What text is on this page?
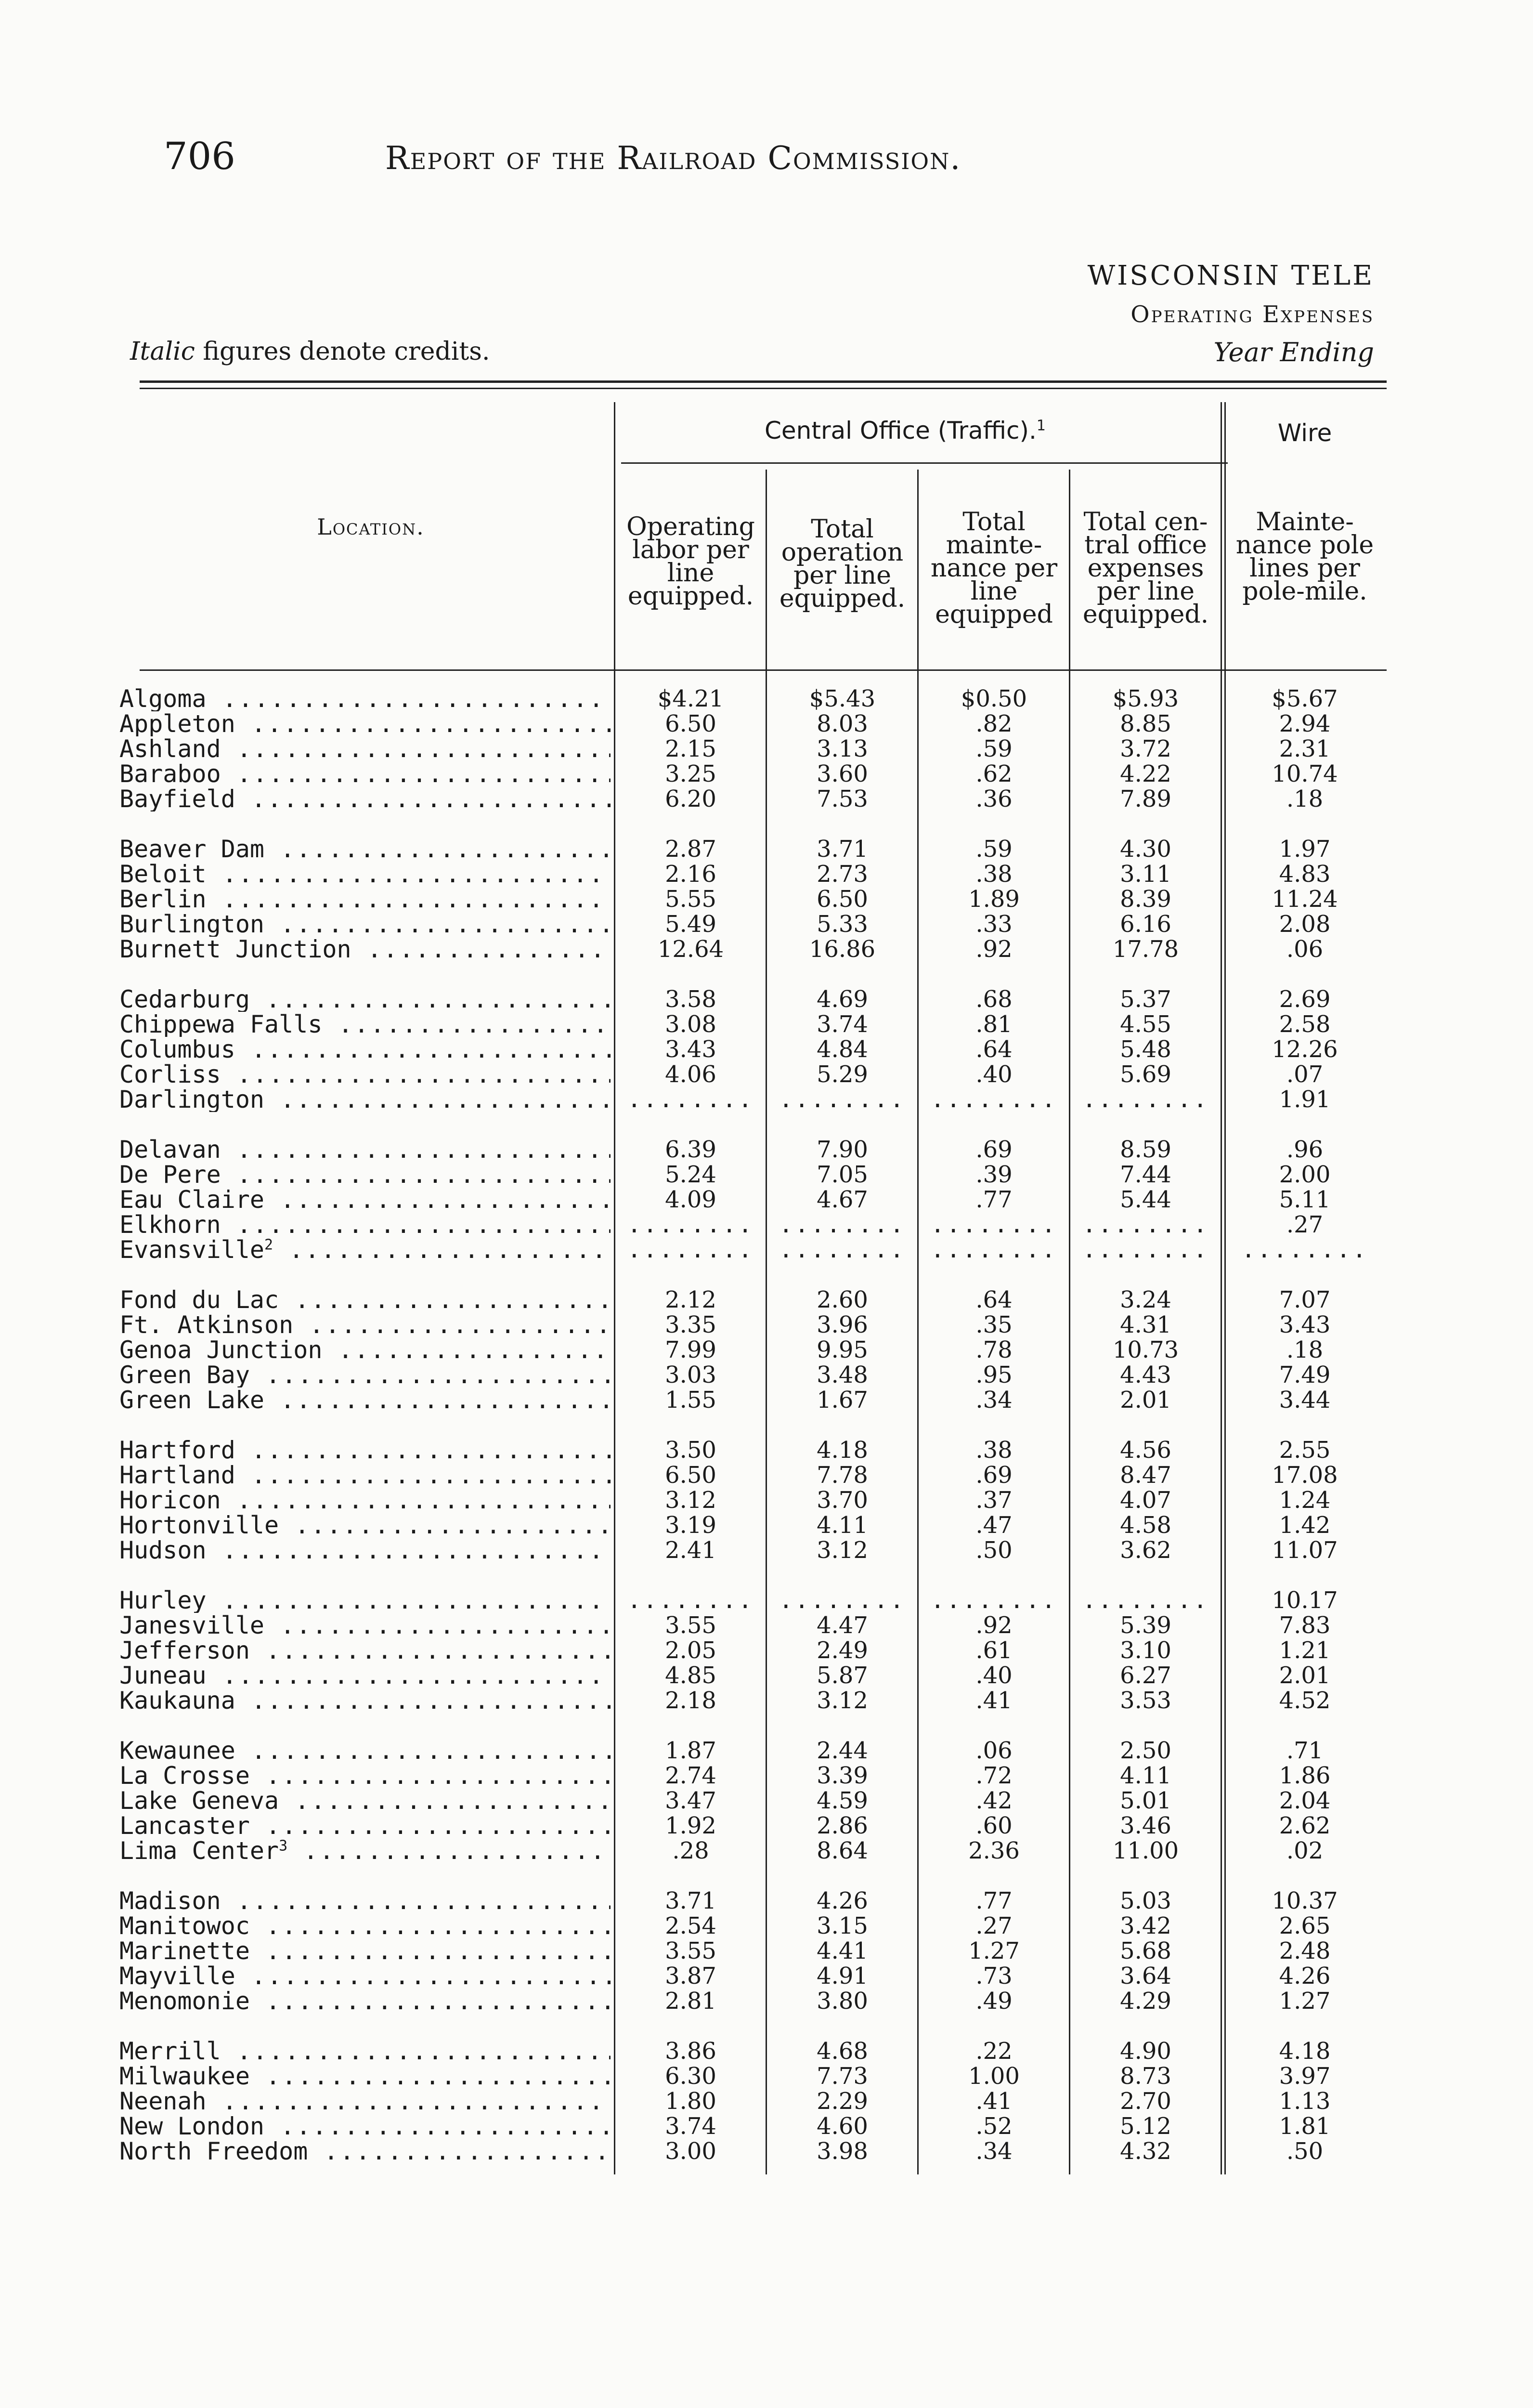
706	Report of the Railroad Commission.
WISCONSIN TELE
Operating Expenses
Year Ending
Italic figures denote credits.
Central Office (Traffic).$^1$	Wire
Location.	Operating labor per line equipped.
Total operation per line equipped.
Total mainte-nance per line equipped
Total cen-tral office expenses per line equipped.
Mainte-nance pole lines per pole-mile.
Algoma .....	$4.21	$5.43	$0.50	$5.93	$5.67
Appleton .....	6.50	8.03	.82	8.85	2.94
Ashland .....	2.15	3.13	.59	3.72	2.31
Baraboo .....	3.25	3.60	.62	4.22	10.74
Bayfield .....	6.20	7.53	.36	7.89	.18
Beaver Dam .....	2.87	3.71	.59	4.30	1.97
Beloit .....	2.16	2.73	.38	3.11	4.83
Berlin .....	5.55	6.50	1.89	8.39	11.24
Burlington .....	5.49	5.33	.33	6.16	2.08
Burnett Junction .....	12.64	16.86	.92	17.78	.06
Cedarburg .....	3.58	4.69	.68	5.37	2.69
Chippewa Falls .....	3.08	3.74	.81	4.55	2.58
Columbus .....	3.43	4.84	.64	5.48	12.26
Corliss .....	4.06	5.29	.40	5.69	.07
Darlington .....	........	........	........	........	1.91
Delavan .....	6.39	7.90	.69	8.59	.96
De Pere .....	5.24	7.05	.39	7.44	2.00
Eau Claire .....	4.09	4.67	.77	5.44	5.11
Elkhorn .....	........	........	........	........	.27
Evansville$^2$ .....	........	........	........	........	........
Fond du Lac .....	2.12	2.60	.64	3.24	7.07
Ft. Atkinson .....	3.35	3.96	.35	4.31	3.43
Genoa Junction .....	7.99	9.95	.78	10.73	.18
Green Bay .....	3.03	3.48	.95	4.43	7.49
Green Lake .....	1.55	1.67	.34	2.01	3.44
Hartford .....	3.50	4.18	.38	4.56	2.55
Hartland .....	6.50	7.78	.69	8.47	17.08
Horicon .....	3.12	3.70	.37	4.07	1.24
Hortonville .....	3.19	4.11	.47	4.58	1.42
Hudson .....	2.41	3.12	.50	3.62	11.07
Hurley .....	........	........	........	........	10.17
Janesville .....	3.55	4.47	.92	5.39	7.83
Jefferson .....	2.05	2.49	.61	3.10	1.21
Juneau .....	4.85	5.87	.40	6.27	2.01
Kaukauna .....	2.18	3.12	.41	3.53	4.52
Kewaunee .....	1.87	2.44	.06	2.50	.71
La Crosse .....	2.74	3.39	.72	4.11	1.86
Lake Geneva .....	3.47	4.59	.42	5.01	2.04
Lancaster .....	1.92	2.86	.60	3.46	2.62
Lima Center$^3$ .....	.28	8.64	2.36	11.00	.02
Madison .....	3.71	4.26	.77	5.03	10.37
Manitowoc .....	2.54	3.15	.27	3.42	2.65
Marinette .....	3.55	4.41	1.27	5.68	2.48
Mayville .....	3.87	4.91	.73	3.64	4.26
Menomonie .....	2.81	3.80	.49	4.29	1.27
Merrill .....	3.86	4.68	.22	4.90	4.18
Milwaukee .....	6.30	7.73	1.00	8.73	3.97
Neenah .....	1.80	2.29	.41	2.70	1.13
New London .....	3.74	4.60	.52	5.12	1.81
North Freedom .....	3.00	3.98	.34	4.32	.50
